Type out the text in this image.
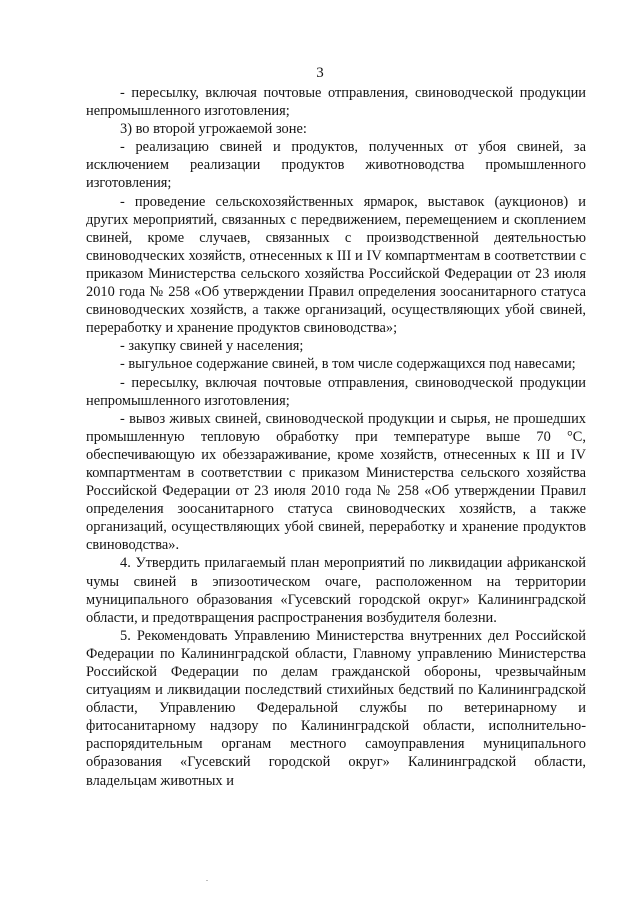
3

- пересылку, включая почтовые отправления, свиноводческой продукции непромышленного изготовления;

3) во второй угрожаемой зоне:

- реализацию свиней и продуктов, полученных от убоя свиней, за исключением реализации продуктов животноводства промышленного изготовления;

- проведение сельскохозяйственных ярмарок, выставок (аукционов) и других мероприятий, связанных с передвижением, перемещением и скоплением свиней, кроме случаев, связанных с производственной деятельностью свиноводческих хозяйств, отнесенных к III и IV компартментам в соответствии с приказом Министерства сельского хозяйства Российской Федерации от 23 июля 2010 года № 258 «Об утверждении Правил определения зоосанитарного статуса свиноводческих хозяйств, а также организаций, осуществляющих убой свиней, переработку и хранение продуктов свиноводства»;

- закупку свиней у населения;

- выгульное содержание свиней, в том числе содержащихся под навесами;

- пересылку, включая почтовые отправления, свиноводческой продукции непромышленного изготовления;

- вывоз живых свиней, свиноводческой продукции и сырья, не прошедших промышленную тепловую обработку при температуре выше 70 °С, обеспечивающую их обеззараживание, кроме хозяйств, отнесенных к III и IV компартментам в соответствии с приказом Министерства сельского хозяйства Российской Федерации от 23 июля 2010 года № 258 «Об утверждении Правил определения зоосанитарного статуса свиноводческих хозяйств, а также организаций, осуществляющих убой свиней, переработку и хранение продуктов свиноводства».

4. Утвердить прилагаемый план мероприятий по ликвидации африканской чумы свиней в эпизоотическом очаге, расположенном на территории муниципального образования «Гусевский городской округ» Калининградской области, и предотвращения распространения возбудителя болезни.

5. Рекомендовать Управлению Министерства внутренних дел Российской Федерации по Калининградской области, Главному управлению Министерства Российской Федерации по делам гражданской обороны, чрезвычайным ситуациям и ликвидации последствий стихийных бедствий по Калининградской области, Управлению Федеральной службы по ветеринарному и фитосанитарному надзору по Калининградской области, исполнительно-распорядительным органам местного самоуправления муниципального образования «Гусевский городской округ» Калининградской области, владельцам животных и
